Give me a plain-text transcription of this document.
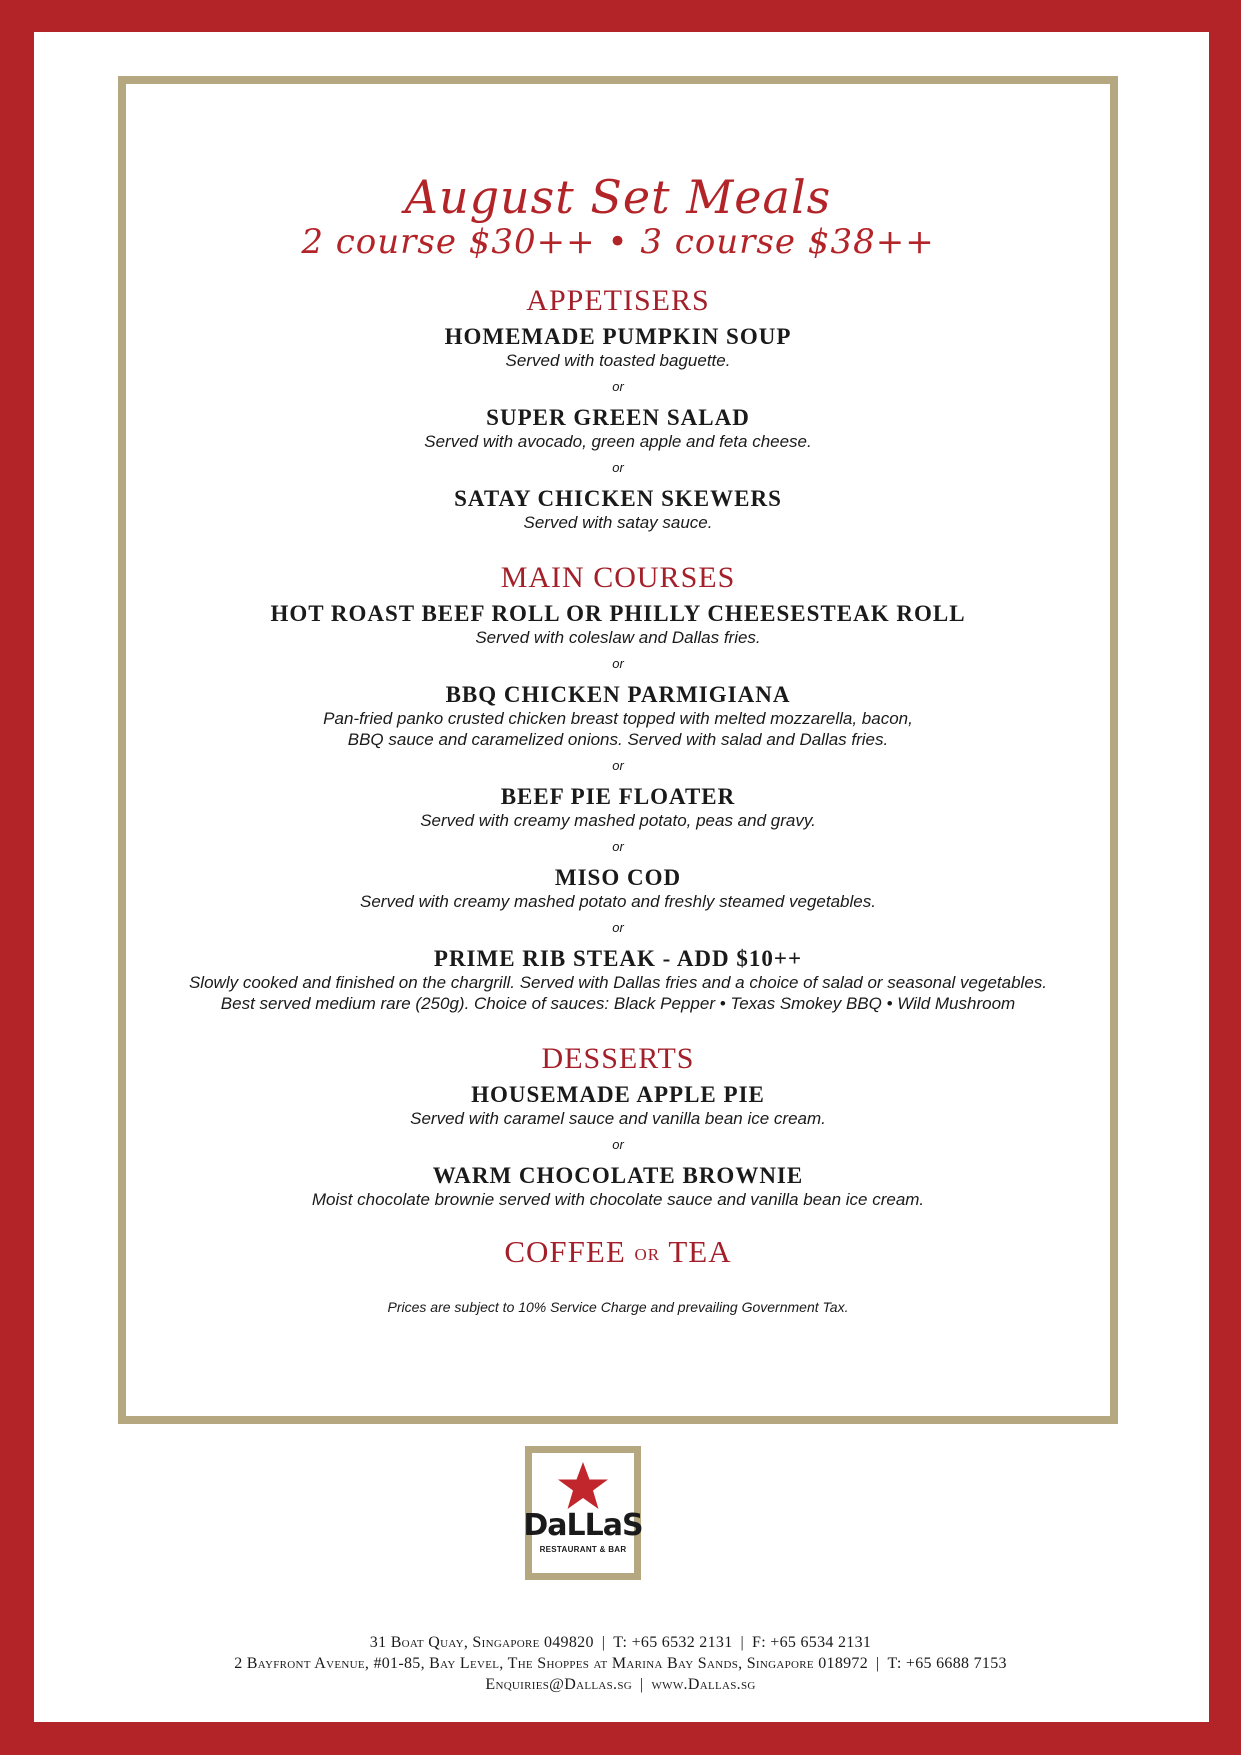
August Set Meals
2 course $30++ • 3 course $38++
APPETISERS
HOMEMADE PUMPKIN SOUP
Served with toasted baguette.
or
SUPER GREEN SALAD
Served with avocado, green apple and feta cheese.
or
SATAY CHICKEN SKEWERS
Served with satay sauce.
MAIN COURSES
HOT ROAST BEEF ROLL OR PHILLY CHEESESTEAK ROLL
Served with coleslaw and Dallas fries.
or
BBQ CHICKEN PARMIGIANA
Pan-fried panko crusted chicken breast topped with melted mozzarella, bacon,
BBQ sauce and caramelized onions. Served with salad and Dallas fries.
or
BEEF PIE FLOATER
Served with creamy mashed potato, peas and gravy.
or
MISO COD
Served with creamy mashed potato and freshly steamed vegetables.
or
PRIME RIB STEAK - ADD $10++
Slowly cooked and finished on the chargrill. Served with Dallas fries and a choice of salad or seasonal vegetables.
Best served medium rare (250g). Choice of sauces: Black Pepper • Texas Smokey BBQ • Wild Mushroom
DESSERTS
HOUSEMADE APPLE PIE
Served with caramel sauce and vanilla bean ice cream.
or
WARM CHOCOLATE BROWNIE
Moist chocolate brownie served with chocolate sauce and vanilla bean ice cream.
COFFEE OR TEA
Prices are subject to 10% Service Charge and prevailing Government Tax.
DaLLaS
RESTAURANT & BAR
31 Boat Quay, Singapore 049820 | T: +65 6532 2131 | F: +65 6534 2131
2 Bayfront Avenue, #01-85, Bay Level, The Shoppes at Marina Bay Sands, Singapore 018972 | T: +65 6688 7153
Enquiries@Dallas.sg | www.Dallas.sg
